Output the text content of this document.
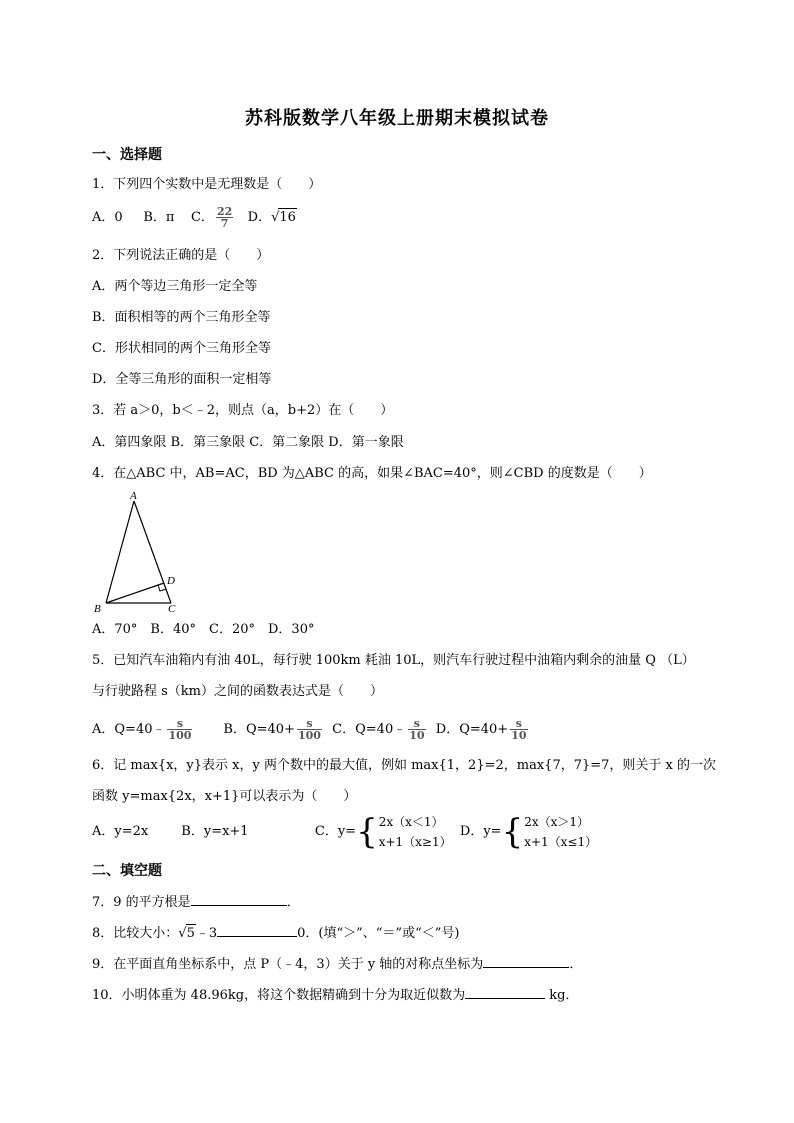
苏科版数学八年级上册期末模拟试卷
一、选择题
1．下列四个实数中是无理数是（　　）
A．0 B．π C． $\frac{22}{7}$ D．√16
2．下列说法正确的是（　　）
A．两个等边三角形一定全等
B．面积相等的两个三角形全等
C．形状相同的两个三角形全等
D．全等三角形的面积一定相等
3．若 a＞0，b＜﹣2，则点（a，b+2）在（　　）
A．第四象限 B．第三象限 C．第二象限 D．第一象限
4．在△ABC 中，AB=AC，BD 为△ABC 的高，如果∠BAC=40°，则∠CBD 的度数是（　　）
A
B	C
D
A．70°　B．40°　C．20°　D．30°
5．已知汽车油箱内有油 40L，每行驶 100km 耗油 10L，则汽车行驶过程中油箱内剩余的油量 Q （L）
与行驶路程 s（km）之间的函数表达式是（　　）
A．Q=40﹣ $\frac{s}{100}$ B．$Q=40+ \frac{s}{100}$ C．Q=40﹣ $\frac{s}{10}$ D．$Q=40+ \frac{s}{10}$
6．记 max{x，y}表示 x，y 两个数中的最大值，例如 max{1，2}=2，max{7，7}=7，则关于 x 的一次
函数 y=max{2x，x+1}可以表示为（　　）
A．y=2x	B．y=x+1	C．y={ 2x（x＜1）
x+1（x≥1）
D．y={ 2x（x＞1）
x+1（x≤1）
二、填空题
7．9 的平方根是	．
8．比较大小：√5﹣3	0．(填“＞”、“＝”或“＜”号)
9．在平面直角坐标系中，点 P（﹣4，3）关于 y 轴的对称点坐标为	．
10．小明体重为 48.96kg，将这个数据精确到十分为取近似数为	kg．
